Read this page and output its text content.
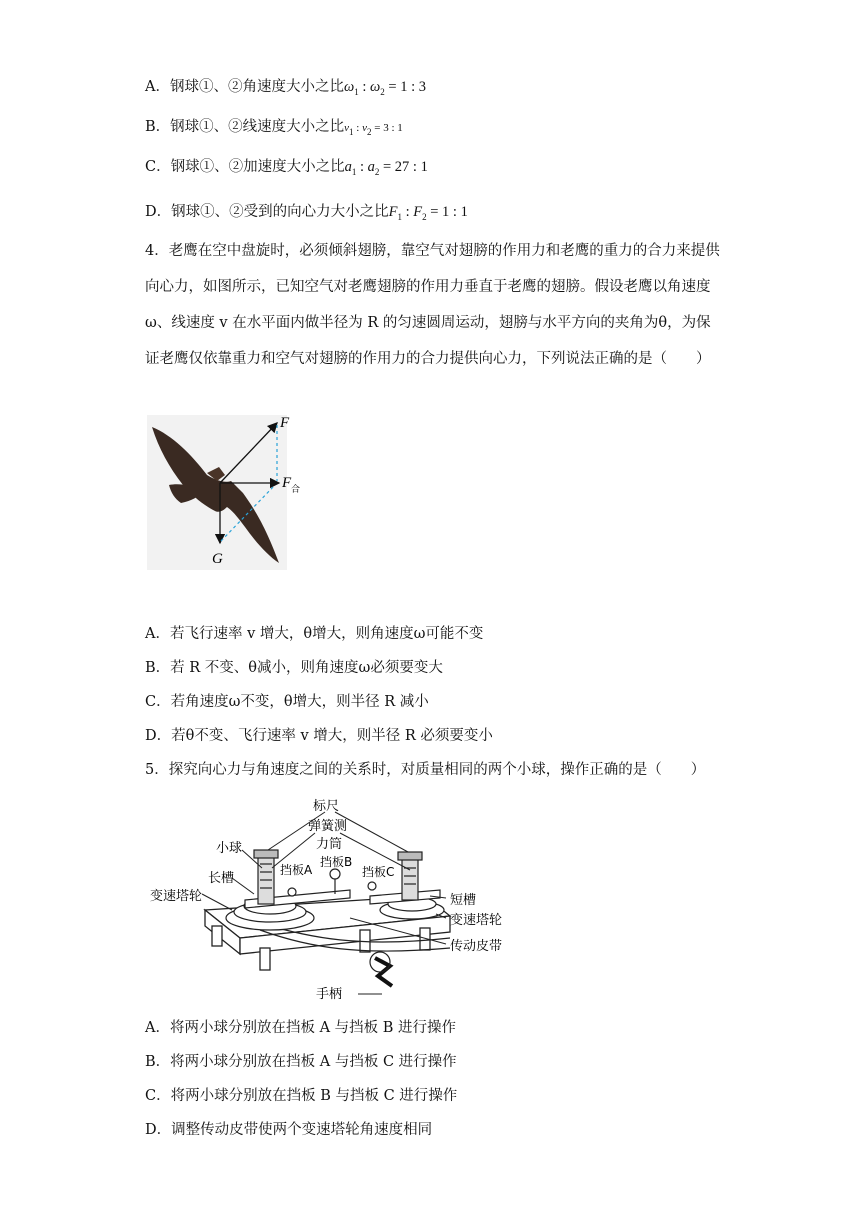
A．钢球①、②角速度大小之比$\omega_1$ : $\omega_2 = 1$ : 3
B．钢球①、②线速度大小之比$v_1$ : $v_2 = 3$ : 1
C．钢球①、②加速度大小之比$a_1$ : $a_2 = 27$ : 1
D．钢球①、②受到的向心力大小之比$F_1$ : $F_2 = 1$ : 1
4．老鹰在空中盘旋时，必须倾斜翅膀，靠空气对翅膀的作用力和老鹰的重力的合力来提供向心力，如图所示，已知空气对老鹰翅膀的作用力垂直于老鹰的翅膀。假设老鹰以角速度ω、线速度 v 在水平面内做半径为 R 的匀速圆周运动，翅膀与水平方向的夹角为θ，为保证老鹰仅依靠重力和空气对翅膀的作用力的合力提供向心力，下列说法正确的是（　　）
F
F 合
G
A．若飞行速率 v 增大，θ增大，则角速度ω可能不变
B．若 R 不变、θ减小，则角速度ω必须要变大
C．若角速度ω不变，θ增大，则半径 R 减小
D．若θ不变、飞行速率 v 增大，则半径 R 必须要变小
5．探究向心力与角速度之间的关系时，对质量相同的两个小球，操作正确的是（　　）
标尺
弹簧测
力筒
小球
挡板A
挡板B
挡板C
长槽
变速塔轮	短槽
变速塔轮
传动皮带
手柄
A．将两小球分别放在挡板 A 与挡板 B 进行操作
B．将两小球分别放在挡板 A 与挡板 C 进行操作
C．将两小球分别放在挡板 B 与挡板 C 进行操作
D．调整传动皮带使两个变速塔轮角速度相同
